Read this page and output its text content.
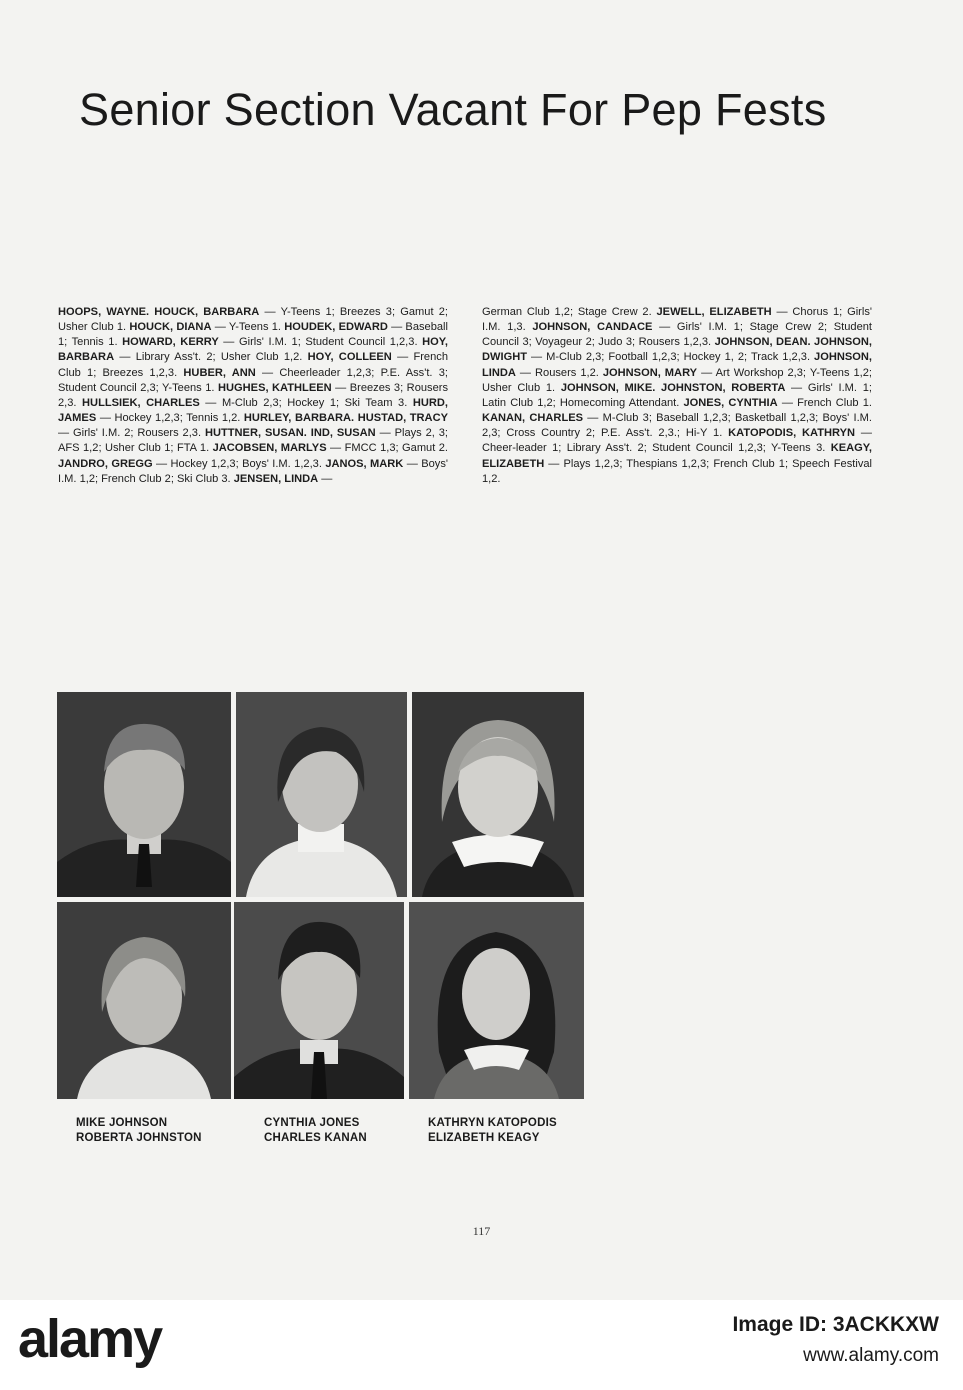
Senior Section Vacant For Pep Fests
HOOPS, WAYNE. HOUCK, BARBARA — Y-Teens 1; Breezes 3; Gamut 2; Usher Club 1. HOUCK, DIANA — Y-Teens 1. HOUDEK, EDWARD — Baseball 1; Tennis 1. HOWARD, KERRY — Girls' I.M. 1; Student Council 1,2,3. HOY, BARBARA — Library Ass't. 2; Usher Club 1,2. HOY, COLLEEN — French Club 1; Breezes 1,2,3. HUBER, ANN — Cheerleader 1,2,3; P.E. Ass't. 3; Student Council 2,3; Y-Teens 1. HUGHES, KATHLEEN — Breezes 3; Rousers 2,3. HULLSIEK, CHARLES — M-Club 2,3; Hockey 1; Ski Team 3. HURD, JAMES — Hockey 1,2,3; Tennis 1,2. HURLEY, BARBARA. HUSTAD, TRACY — Girls' I.M. 2; Rousers 2,3. HUTTNER, SUSAN. IND, SUSAN — Plays 2, 3; AFS 1,2; Usher Club 1; FTA 1. JACOBSEN, MARLYS — FMCC 1,3; Gamut 2. JANDRO, GREGG — Hockey 1,2,3; Boys' I.M. 1,2,3. JANOS, MARK — Boys' I.M. 1,2; French Club 2; Ski Club 3. JENSEN, LINDA —
German Club 1,2; Stage Crew 2. JEWELL, ELIZABETH — Chorus 1; Girls' I.M. 1,3. JOHNSON, CANDACE — Girls' I.M. 1; Stage Crew 2; Student Council 3; Voyageur 2; Judo 3; Rousers 1,2,3. JOHNSON, DEAN. JOHNSON, DWIGHT — M-Club 2,3; Football 1,2,3; Hockey 1, 2; Track 1,2,3. JOHNSON, LINDA — Rousers 1,2. JOHNSON, MARY — Art Workshop 2,3; Y-Teens 1,2; Usher Club 1. JOHNSON, MIKE. JOHNSTON, ROBERTA — Girls' I.M. 1; Latin Club 1,2; Homecoming Attendant. JONES, CYNTHIA — French Club 1. KANAN, CHARLES — M-Club 3; Baseball 1,2,3; Basketball 1,2,3; Boys' I.M. 2,3; Cross Country 2; P.E. Ass't. 2,3.; Hi-Y 1. KATOPODIS, KATHRYN — Cheer-leader 1; Library Ass't. 2; Student Council 1,2,3; Y-Teens 3. KEAGY, ELIZABETH — Plays 1,2,3; Thespians 1,2,3; French Club 1; Speech Festival 1,2.
MIKE JOHNSON
ROBERTA JOHNSTON
CYNTHIA JONES
CHARLES KANAN
KATHRYN KATOPODIS
ELIZABETH KEAGY
117
alamy	Image ID: 3ACKKXW
www.alamy.com
